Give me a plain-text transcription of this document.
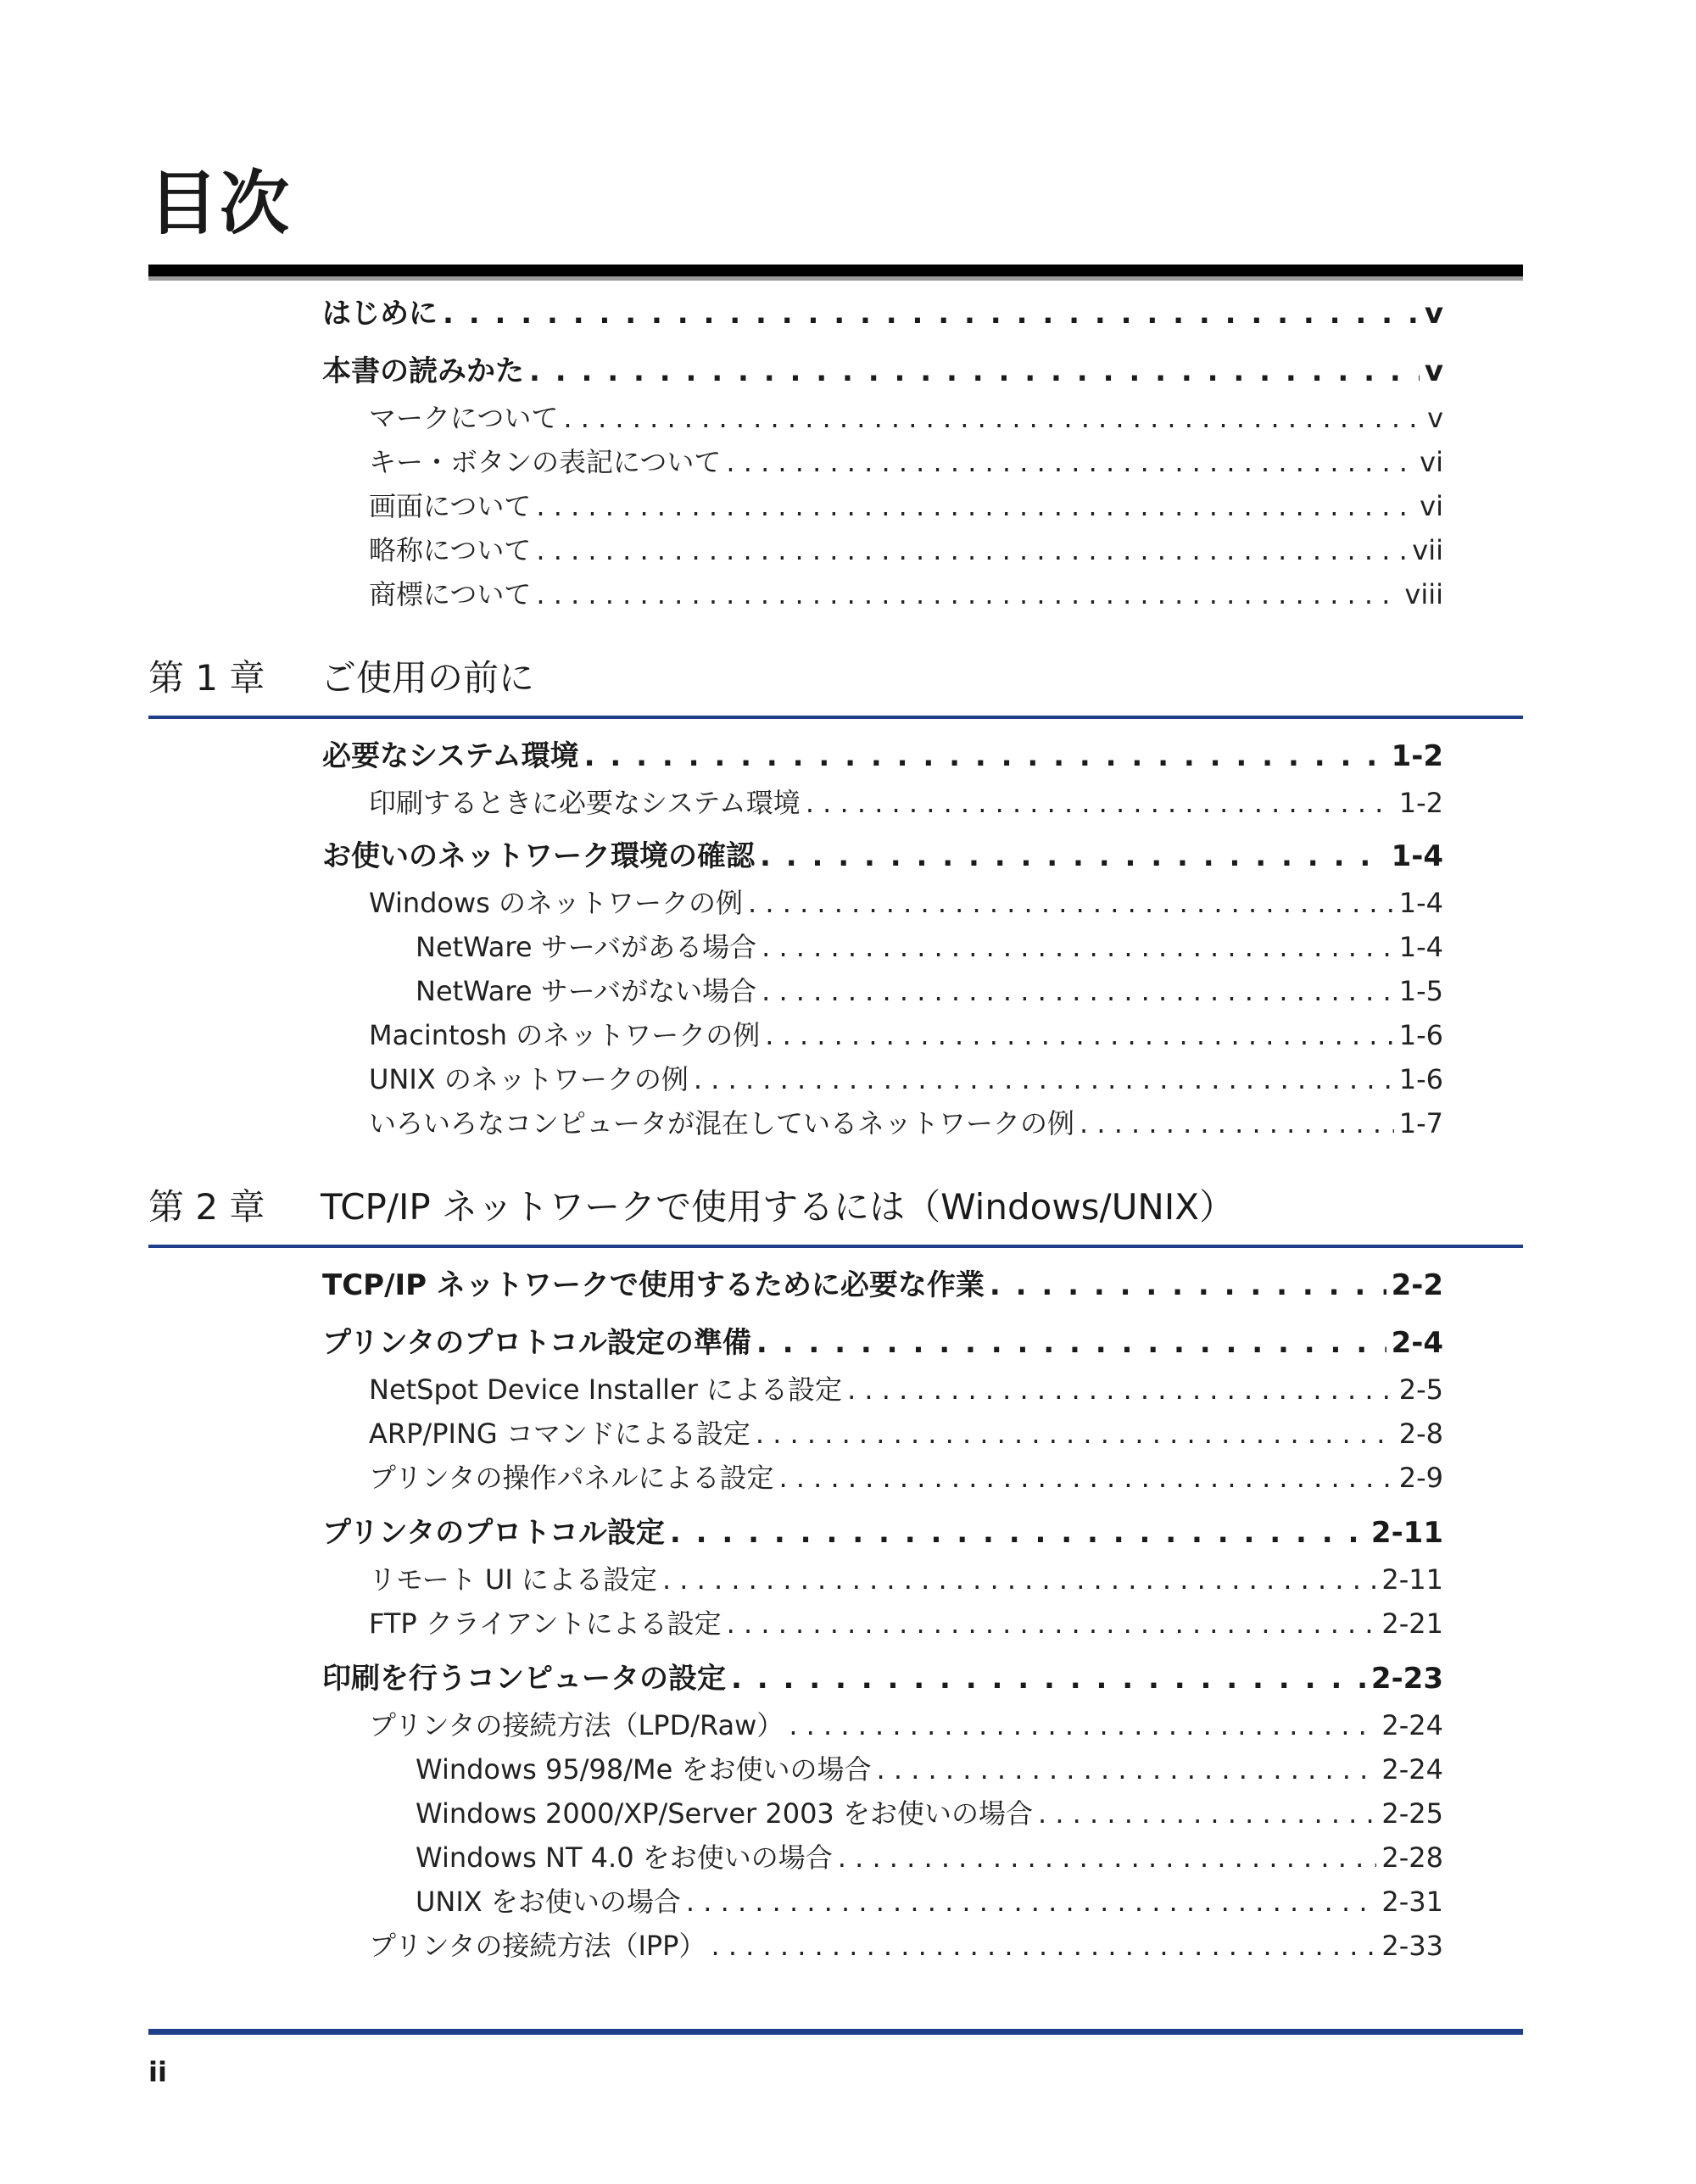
目次
はじめに . . .	v
本書の読みかた . . .	v
マークについて . . .	v
キー・ボタンの表記について . . .	vi
画面について . . .	vi
略称について . . .	vii
商標について . . .	viii
第 1 章 ご使用の前に
必要なシステム環境 . . .	1-2
印刷するときに必要なシステム環境 . . .	1-2
お使いのネットワーク環境の確認 . . .	1-4
Windows のネットワークの例 . . .	1-4
NetWare サーバがある場合 . . .	1-4
NetWare サーバがない場合 . . .	1-5
Macintosh のネットワークの例 . . .	1-6
UNIX のネットワークの例 . . .	1-6
いろいろなコンピュータが混在しているネットワークの例 . . .	1-7
第 2 章 TCP/IP ネットワークで使用するには（Windows/UNIX）
TCP/IP ネットワークで使用するために必要な作業 . . .	2-2
プリンタのプロトコル設定の準備 . . .	2-4
NetSpot Device Installer による設定 . . .	2-5
ARP/PING コマンドによる設定 . . .	2-8
プリンタの操作パネルによる設定 . . .	2-9
プリンタのプロトコル設定 . . .	2-11
リモート UI による設定 . . .	2-11
FTP クライアントによる設定 . . .	2-21
印刷を行うコンピュータの設定 . . .	2-23
プリンタの接続方法（LPD/Raw） . . .	2-24
Windows 95/98/Me をお使いの場合 . . .	2-24
Windows 2000/XP/Server 2003 をお使いの場合 . . .	2-25
Windows NT 4.0 をお使いの場合 . . .	2-28
UNIX をお使いの場合 . . .	2-31
プリンタの接続方法（IPP） . . .	2-33
ii
